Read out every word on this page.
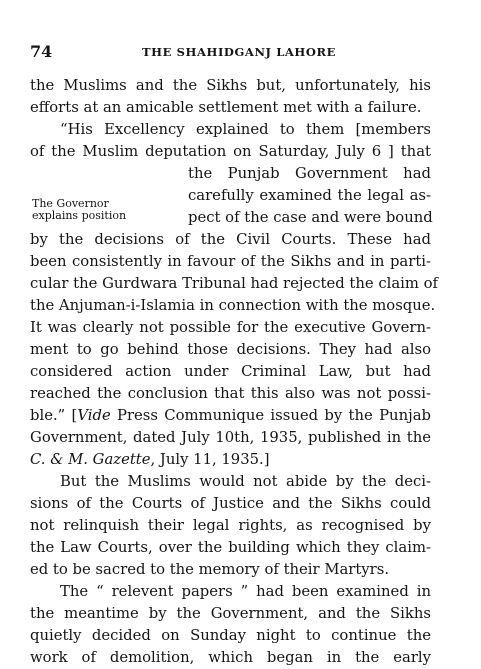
74	THE SHAHIDGANJ LAHORE
The Governor
explains position
the Muslims and the Sikhs but, unfortunately, his
efforts at an amicable settlement met with a failure.
“His Excellency explained to them [members
of the Muslim deputation on Saturday, July 6 ] that
the Punjab Government had
carefully examined the legal as-
pect of the case and were bound
by the decisions of the Civil Courts. These had
been consistently in favour of the Sikhs and in parti-
cular the Gurdwara Tribunal had rejected the claim of
the Anjuman-i-Islamia in connection with the mosque.
It was clearly not possible for the executive Govern-
ment to go behind those decisions. They had also
considered action under Criminal Law, but had
reached the conclusion that this also was not possi-
ble.” [Vide Press Communique issued by the Punjab
Government, dated July 10th, 1935, published in the
C. & M. Gazette, July 11, 1935.]
But the Muslims would not abide by the deci-
sions of the Courts of Justice and the Sikhs could
not relinquish their legal rights, as recognised by
the Law Courts, over the building which they claim-
ed to be sacred to the memory of their Martyrs.
The “ relevent papers ” had been examined in
the meantime by the Government, and the Sikhs
quietly decided on Sunday night to continue the
work of demolition, which began in the early
